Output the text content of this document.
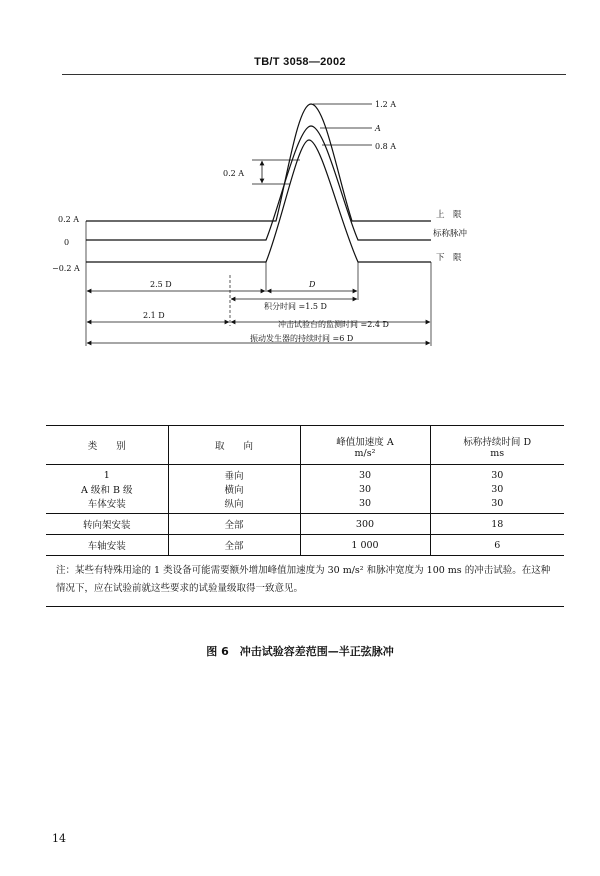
TB/T 3058—2002
1.2 A
A
0.8 A
0.2 A
0.2 A
0
−0.2 A
上　限
标称脉冲
下　限
2.5 D	D
积分时间 =1.5 D
2.1 D
冲击试验台的监测时间 =2.4 D
振动发生器的持续时间 =6 D
类　　别	取　　向	峰值加速度 A	标称持续时间 D
		m/s²	ms
1	垂向	30	30
A 级和 B 级	横向	30	30
车体安装	纵向	30	30
转向架安装	全部	300	18
车轴安装	全部	1 000	6
注：某些有特殊用途的 1 类设备可能需要额外增加峰值加速度为 30 m/s² 和脉冲宽度为 100 ms 的冲击试验。在这种情况下，应在试验前就这些要求的试验量级取得一致意见。			
图 6　冲击试验容差范围—半正弦脉冲
14
